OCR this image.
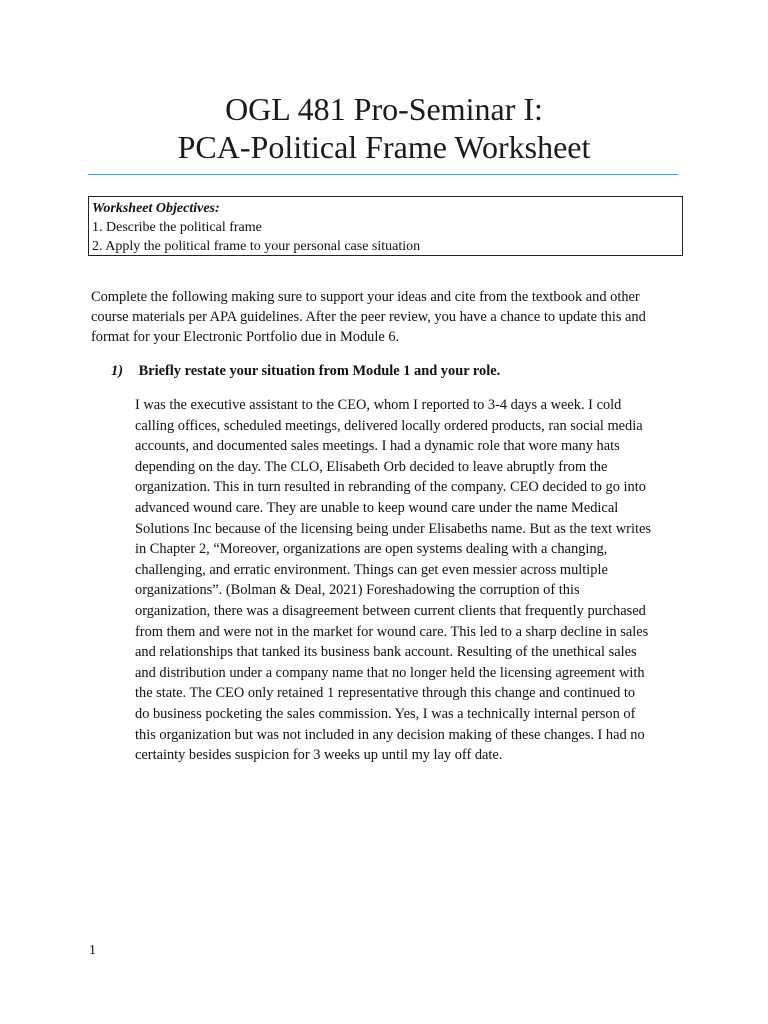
OGL 481 Pro-Seminar I:
PCA-Political Frame Worksheet
Worksheet Objectives:
1. Describe the political frame
2. Apply the political frame to your personal case situation
Complete the following making sure to support your ideas and cite from the textbook and other
course materials per APA guidelines. After the peer review, you have a chance to update this and
format for your Electronic Portfolio due in Module 6.
1) Briefly restate your situation from Module 1 and your role.
I was the executive assistant to the CEO, whom I reported to 3-4 days a week. I cold
calling offices, scheduled meetings, delivered locally ordered products, ran social media
accounts, and documented sales meetings. I had a dynamic role that wore many hats
depending on the day. The CLO, Elisabeth Orb decided to leave abruptly from the
organization. This in turn resulted in rebranding of the company. CEO decided to go into
advanced wound care. They are unable to keep wound care under the name Medical
Solutions Inc because of the licensing being under Elisabeths name. But as the text writes
in Chapter 2, “Moreover, organizations are open systems dealing with a changing,
challenging, and erratic environment. Things can get even messier across multiple
organizations”. (Bolman & Deal, 2021) Foreshadowing the corruption of this
organization, there was a disagreement between current clients that frequently purchased
from them and were not in the market for wound care. This led to a sharp decline in sales
and relationships that tanked its business bank account. Resulting of the unethical sales
and distribution under a company name that no longer held the licensing agreement with
the state. The CEO only retained 1 representative through this change and continued to
do business pocketing the sales commission. Yes, I was a technically internal person of
this organization but was not included in any decision making of these changes. I had no
certainty besides suspicion for 3 weeks up until my lay off date.
1
